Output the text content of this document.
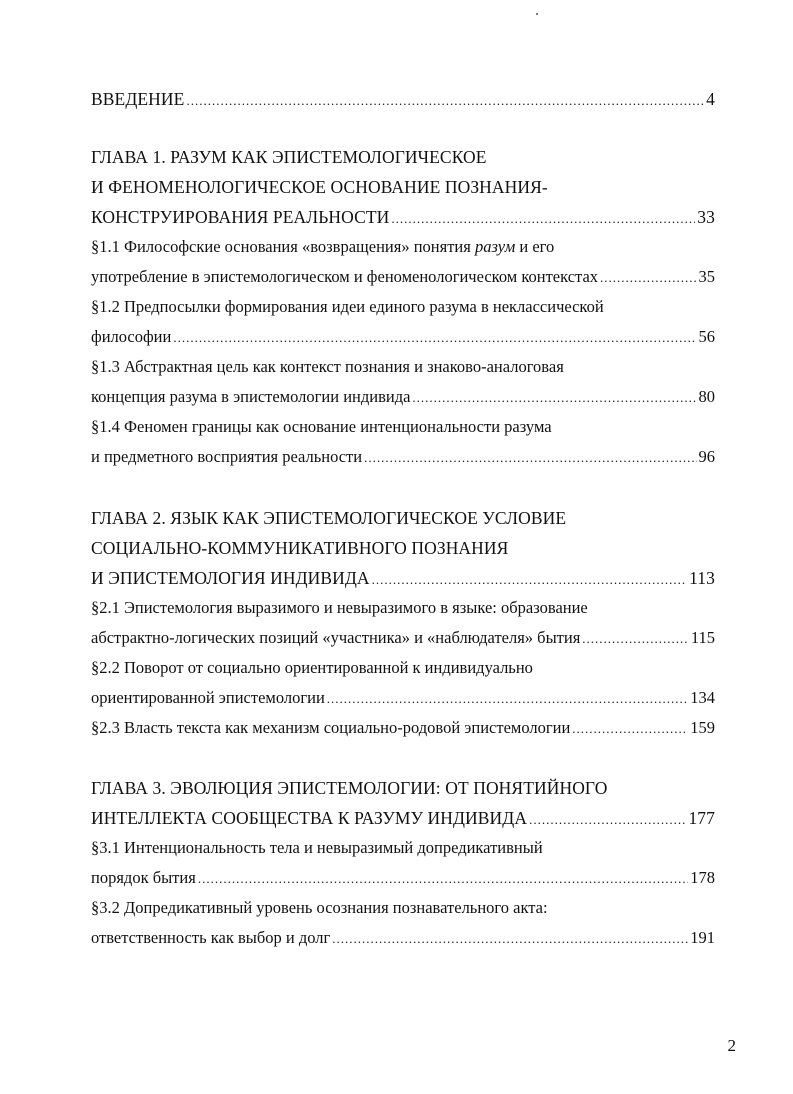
ВВЕДЕНИЕ .....	4
ГЛАВА 1. РАЗУМ КАК ЭПИСТЕМОЛОГИЧЕСКОЕ
И ФЕНОМЕНОЛОГИЧЕСКОЕ ОСНОВАНИЕ ПОЗНАНИЯ-
КОНСТРУИРОВАНИЯ РЕАЛЬНОСТИ .....	33
§1.1 Философские основания «возвращения» понятия разум и его
употребление в эпистемологическом и феноменологическом контекстах .....	35
§1.2 Предпосылки формирования идеи единого разума в неклассической
философии .....	56
§1.3 Абстрактная цель как контекст познания и знаково-аналоговая
концепция разума в эпистемологии индивида .....	80
§1.4 Феномен границы как основание интенциональности разума
и предметного восприятия реальности .....	96
ГЛАВА 2. ЯЗЫК КАК ЭПИСТЕМОЛОГИЧЕСКОЕ УСЛОВИЕ
СОЦИАЛЬНО-КОММУНИКАТИВНОГО ПОЗНАНИЯ
И ЭПИСТЕМОЛОГИЯ ИНДИВИДА .....	113
§2.1 Эпистемология выразимого и невыразимого в языке: образование
абстрактно-логических позиций «участника» и «наблюдателя» бытия .....	115
§2.2 Поворот от социально ориентированной к индивидуально
ориентированной эпистемологии .....	134
§2.3 Власть текста как механизм социально-родовой эпистемологии .....	159
ГЛАВА 3. ЭВОЛЮЦИЯ ЭПИСТЕМОЛОГИИ: ОТ ПОНЯТИЙНОГО
ИНТЕЛЛЕКТА СООБЩЕСТВА К РАЗУМУ ИНДИВИДА .....	177
§3.1 Интенциональность тела и невыразимый допредикативный
порядок бытия .....	178
§3.2 Допредикативный уровень осознания познавательного акта:
ответственность как выбор и долг .....	191
2
